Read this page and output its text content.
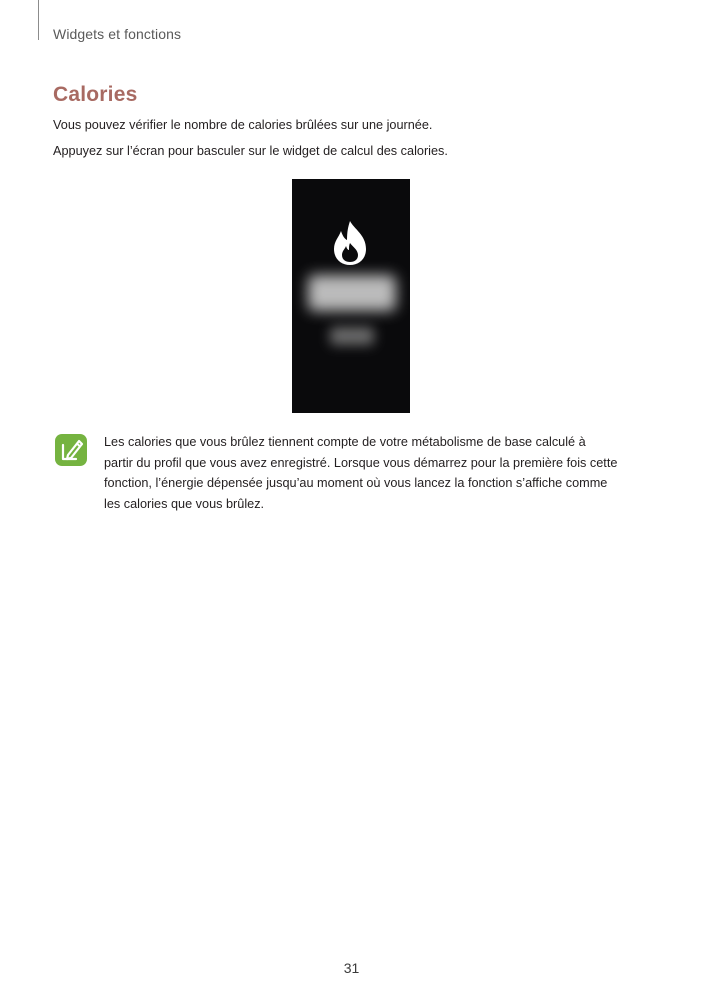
Widgets et fonctions
Calories

Vous pouvez vérifier le nombre de calories brûlées sur une journée.

Appuyez sur l’écran pour basculer sur le widget de calcul des calories.

Les calories que vous brûlez tiennent compte de votre métabolisme de base calculé à
partir du profil que vous avez enregistré. Lorsque vous démarrez pour la première fois cette
fonction, l’énergie dépensée jusqu’au moment où vous lancez la fonction s’affiche comme
les calories que vous brûlez.

31
